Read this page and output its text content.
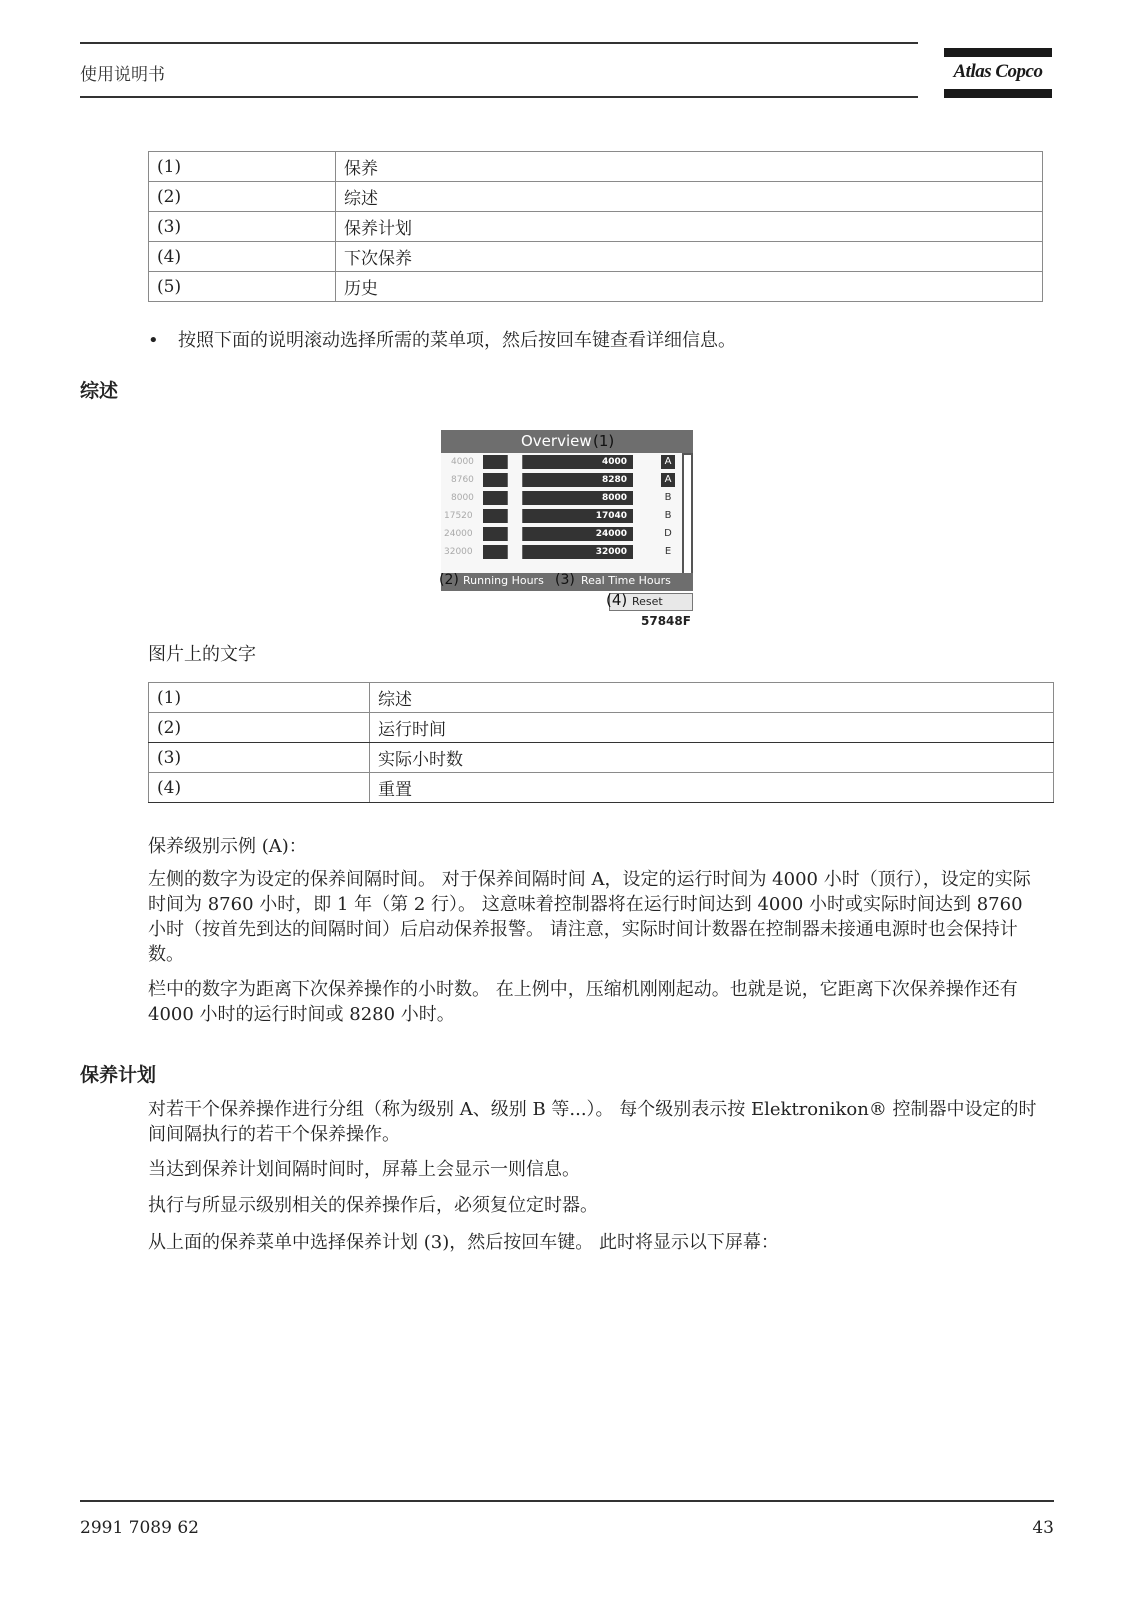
使用说明书	Atlas Copco
(1)	保养
(2)	综述
(3)	保养计划
(4)	下次保养
(5)	历史
• 按照下面的说明滚动选择所需的菜单项，然后按回车键查看详细信息。
综述
Overview (1)
4000	4000	A
8760	8280	A
8000	8000	B
17520	17040	B
24000	24000	D
32000	32000	E
(2) Running Hours (3) Real Time Hours
(4) Reset
57848F
图片上的文字
(1)	综述
(2)	运行时间
(3)	实际小时数
(4)	重置
保养级别示例 (A)：

左侧的数字为设定的保养间隔时间。 对于保养间隔时间 A，设定的运行时间为 4000 小时（顶行），设定的实际时间为 8760 小时，即 1 年（第 2 行）。 这意味着控制器将在运行时间达到 4000 小时或实际时间达到 8760 小时（按首先到达的间隔时间）后启动保养报警。 请注意，实际时间计数器在控制器未接通电源时也会保持计数。

栏中的数字为距离下次保养操作的小时数。 在上例中，压缩机刚刚起动。也就是说，它距离下次保养操作还有 4000 小时的运行时间或 8280 小时。

保养计划

对若干个保养操作进行分组（称为级别 A、级别 B 等...）。 每个级别表示按 Elektronikon® 控制器中设定的时间间隔执行的若干个保养操作。

当达到保养计划间隔时间时，屏幕上会显示一则信息。

执行与所显示级别相关的保养操作后，必须复位定时器。

从上面的保养菜单中选择保养计划 (3)，然后按回车键。 此时将显示以下屏幕：

2991 7089 62	43
